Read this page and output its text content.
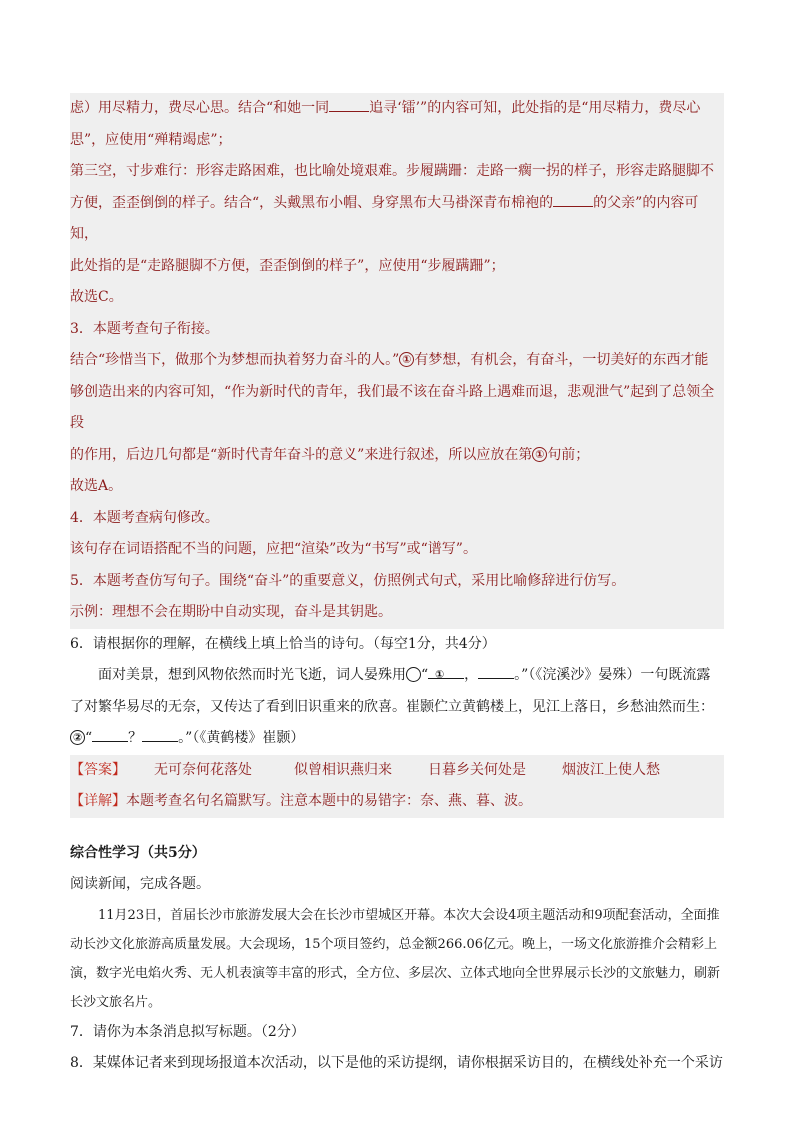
虑）用尽精力，费尽心思。结合“和她一同	追寻‘镭’”的内容可知，此处指的是“用尽精力，费尽心

思”，应使用“殚精竭虑”；

第三空，寸步难行：形容走路困难，也比喻处境艰难。步履蹒跚：走路一瘸一拐的样子，形容走路腿脚不

方便，歪歪倒倒的样子。结合“，头戴黑布小帽、身穿黑布大马褂深青布棉袍的	的父亲”的内容可知，

此处指的是“走路腿脚不方便，歪歪倒倒的样子”，应使用“步履蹒跚”；

故选C。

3．本题考查句子衔接。

结合“珍惜当下，做那个为梦想而执着努力奋斗的人。” ① 有梦想，有机会，有奋斗，一切美好的东西才能

够创造出来的内容可知，“作为新时代的青年，我们最不该在奋斗路上遇难而退，悲观泄气”起到了总领全段

的作用，后边几句都是“新时代青年奋斗的意义”来进行叙述，所以应放在第 ① 句前；

故选A。

4．本题考查病句修改。

该句存在词语搭配不当的问题，应把“渲染”改为“书写”或“谱写”。

5．本题考查仿写句子。围绕“奋斗”的重要意义，仿照例式句式，采用比喻修辞进行仿写。

示例：理想不会在期盼中自动实现，奋斗是其钥匙。

6．请根据你的理解，在横线上填上恰当的诗句。（每空1分，共4分）

面对美景，想到风物依然而时光飞逝，词人晏殊用	①“	，	。”（《浣溪沙》晏殊）一句既流露

了对繁华易尽的无奈，又传达了看到旧识重来的欣喜。崔颢伫立黄鹤楼上，见江上落日，乡愁油然而生：

② “	？	。”（《黄鹤楼》崔颢）

【答案】 无可奈何花落处	似曾相识燕归来	日暮乡关何处是	烟波江上使人愁

【详解】本题考查名句名篇默写。注意本题中的易错字：奈、燕、暮、波。

综合性学习（共5分）

阅读新闻，完成各题。

11月23日，首届长沙市旅游发展大会在长沙市望城区开幕。本次大会设4项主题活动和9项配套活动，全面推动长沙文化旅游高质量发展。大会现场，15个项目签约，总金额266.06亿元。晚上，一场文化旅游推介会精彩上演，数字光电焰火秀、无人机表演等丰富的形式，全方位、多层次、立体式地向全世界展示长沙的文旅魅力，刷新长沙文旅名片。

7．请你为本条消息拟写标题。（2分）

8．某媒体记者来到现场报道本次活动，以下是他的采访提纲，请你根据采访目的，在横线处补充一个采访
